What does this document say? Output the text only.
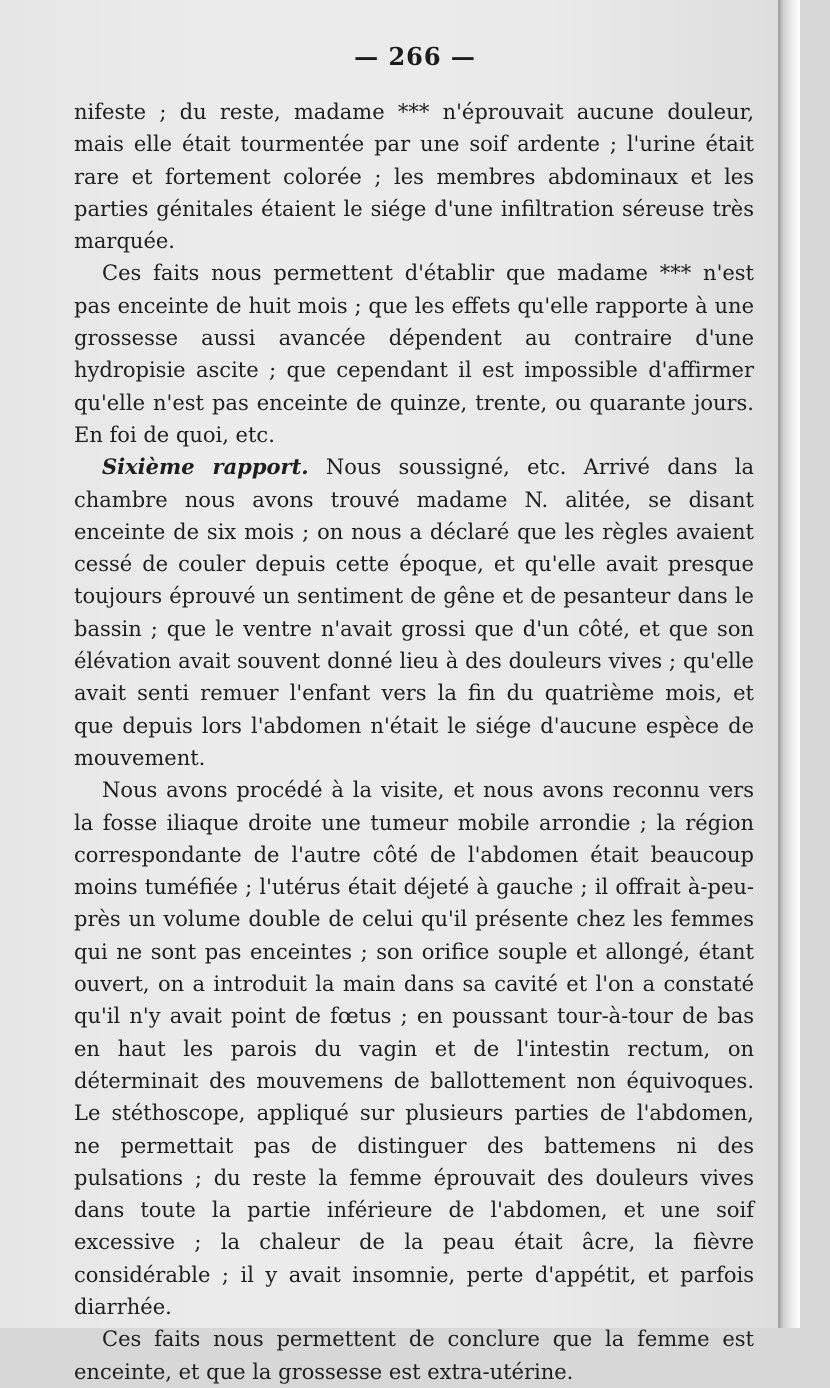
— 266 —

nifeste ; du reste, madame *** n'éprouvait aucune douleur, mais elle était tourmentée par une soif ardente ; l'urine était rare et fortement colorée ; les membres abdominaux et les parties génitales étaient le siége d'une infiltration séreuse très marquée.

Ces faits nous permettent d'établir que madame *** n'est pas enceinte de huit mois ; que les effets qu'elle rapporte à une grossesse aussi avancée dépendent au contraire d'une hydropisie ascite ; que cependant il est impossible d'affirmer qu'elle n'est pas enceinte de quinze, trente, ou quarante jours. En foi de quoi, etc.

Sixième rapport. Nous soussigné, etc. Arrivé dans la chambre nous avons trouvé madame N. alitée, se disant enceinte de six mois ; on nous a déclaré que les règles avaient cessé de couler depuis cette époque, et qu'elle avait presque toujours éprouvé un sentiment de gêne et de pesanteur dans le bassin ; que le ventre n'avait grossi que d'un côté, et que son élévation avait souvent donné lieu à des douleurs vives ; qu'elle avait senti remuer l'enfant vers la fin du quatrième mois, et que depuis lors l'abdomen n'était le siége d'aucune espèce de mouvement.

Nous avons procédé à la visite, et nous avons reconnu vers la fosse iliaque droite une tumeur mobile arrondie ; la région correspondante de l'autre côté de l'abdomen était beaucoup moins tuméfiée ; l'utérus était déjeté à gauche ; il offrait à-peu-près un volume double de celui qu'il présente chez les femmes qui ne sont pas enceintes ; son orifice souple et allongé, étant ouvert, on a introduit la main dans sa cavité et l'on a constaté qu'il n'y avait point de fœtus ; en poussant tour-à-tour de bas en haut les parois du vagin et de l'intestin rectum, on déterminait des mouvemens de ballottement non équivoques. Le stéthoscope, appliqué sur plusieurs parties de l'abdomen, ne permettait pas de distinguer des battemens ni des pulsations ; du reste la femme éprouvait des douleurs vives dans toute la partie inférieure de l'abdomen, et une soif excessive ; la chaleur de la peau était âcre, la fièvre considérable ; il y avait insomnie, perte d'appétit, et parfois diarrhée.

Ces faits nous permettent de conclure que la femme est enceinte, et que la grossesse est extra-utérine.
